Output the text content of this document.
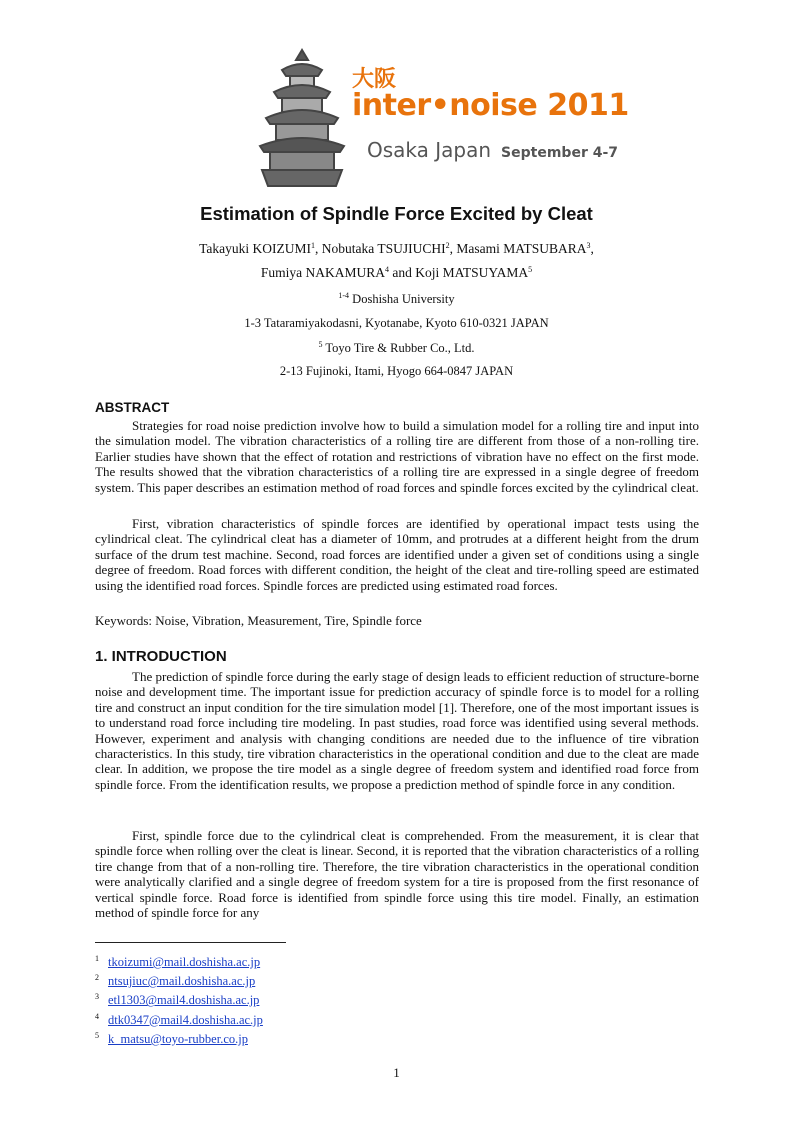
大阪
inter•noise 2011
Osaka Japan September 4-7
Estimation of Spindle Force Excited by Cleat
Takayuki KOIZUMI$^1$, Nobutaka TSUJIUCHI$^2$, Masami MATSUBARA$^3$,
Fumiya NAKAMURA$^4$ and Koji MATSUYAMA$^5$
$^{1-4}$ Doshisha University
1-3 Tataramiyakodasni, Kyotanabe, Kyoto 610-0321 JAPAN
$^5$ Toyo Tire & Rubber Co., Ltd.
2-13 Fujinoki, Itami, Hyogo 664-0847 JAPAN
ABSTRACT
Strategies for road noise prediction involve how to build a simulation model for a rolling tire and input into the simulation model. The vibration characteristics of a rolling tire are different from those of a non-rolling tire. Earlier studies have shown that the effect of rotation and restrictions of vibration have no effect on the first mode. The results showed that the vibration characteristics of a rolling tire are expressed in a single degree of freedom system. This paper describes an estimation method of road forces and spindle forces excited by the cylindrical cleat.
First, vibration characteristics of spindle forces are identified by operational impact tests using the cylindrical cleat. The cylindrical cleat has a diameter of 10mm, and protrudes at a different height from the drum surface of the drum test machine. Second, road forces are identified under a given set of conditions using a single degree of freedom. Road forces with different condition, the height of the cleat and tire-rolling speed are estimated using the identified road forces. Spindle forces are predicted using estimated road forces.
Keywords: Noise, Vibration, Measurement, Tire, Spindle force
1. INTRODUCTION
The prediction of spindle force during the early stage of design leads to efficient reduction of structure-borne noise and development time. The important issue for prediction accuracy of spindle force is to model for a rolling tire and construct an input condition for the tire simulation model [1]. Therefore, one of the most important issues is to understand road force including tire modeling. In past studies, road force was identified using several methods. However, experiment and analysis with changing conditions are needed due to the influence of tire vibration characteristics. In this study, tire vibration characteristics in the operational condition and due to the cleat are made clear. In addition, we propose the tire model as a single degree of freedom system and identified road force from spindle force. From the identification results, we propose a prediction method of spindle force in any condition.
First, spindle force due to the cylindrical cleat is comprehended. From the measurement, it is clear that spindle force when rolling over the cleat is linear. Second, it is reported that the vibration characteristics of a rolling tire change from that of a non-rolling tire. Therefore, the tire vibration characteristics in the operational condition were analytically clarified and a single degree of freedom system for a tire is proposed from the first resonance of vertical spindle force. Road force is identified from spindle force using this tire model. Finally, an estimation method of spindle force for any
1 tkoizumi@mail.doshisha.ac.jp
2 ntsujiuc@mail.doshisha.ac.jp
3 etl1303@mail4.doshisha.ac.jp
4 dtk0347@mail4.doshisha.ac.jp
5 k_matsu@toyo-rubber.co.jp
1
